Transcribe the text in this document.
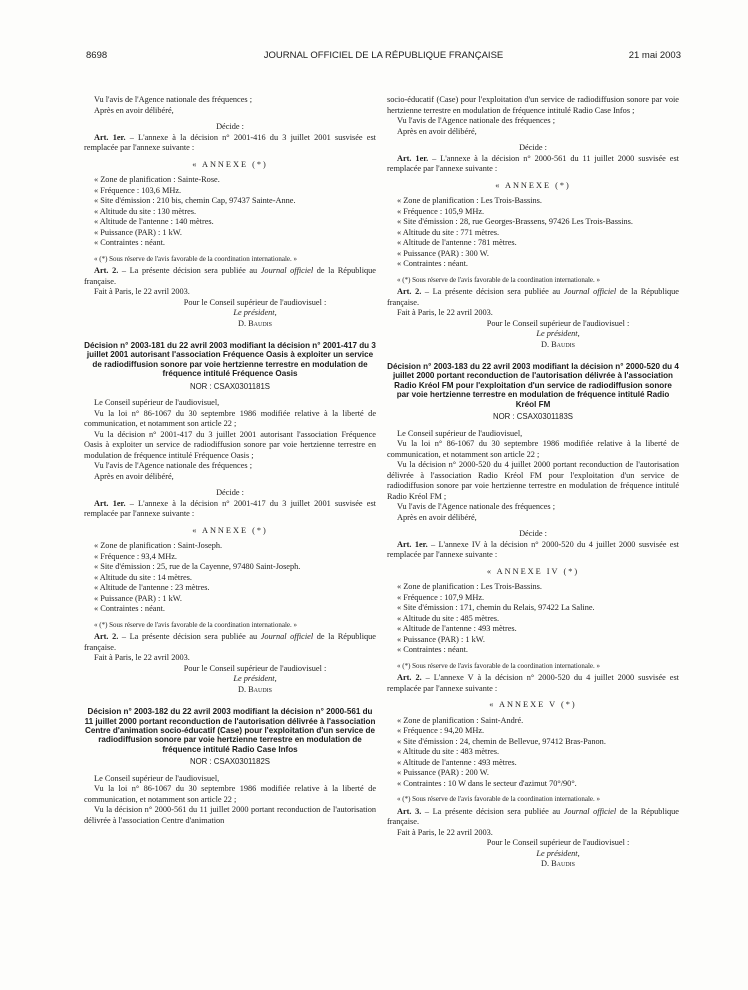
8698	JOURNAL OFFICIEL DE LA RÉPUBLIQUE FRANÇAISE	21 mai 2003

Vu l'avis de l'Agence nationale des fréquences ;

Après en avoir délibéré,

Décide :

Art. 1er. – L'annexe à la décision n° 2001-416 du 3 juillet 2001 susvisée est remplacée par l'annexe suivante :

« ANNEXE (*)

« Zone de planification : Sainte-Rose.

« Fréquence : 103,6 MHz.

« Site d'émission : 210 bis, chemin Cap, 97437 Sainte-Anne.

« Altitude du site : 130 mètres.

« Altitude de l'antenne : 140 mètres.

« Puissance (PAR) : 1 kW.

« Contraintes : néant.

« (*) Sous réserve de l'avis favorable de la coordination internationale. »

Art. 2. – La présente décision sera publiée au Journal officiel de la République française.

Fait à Paris, le 22 avril 2003.

Pour le Conseil supérieur de l'audiovisuel :

Le président,

D. Baudis

Décision n° 2003-181 du 22 avril 2003 modifiant la décision n° 2001-417 du 3 juillet 2001 autorisant l'association Fréquence Oasis à exploiter un service de radiodiffusion sonore par voie hertzienne terrestre en modulation de fréquence intitulé Fréquence Oasis

NOR : CSAX0301181S

Le Conseil supérieur de l'audiovisuel,

Vu la loi n° 86-1067 du 30 septembre 1986 modifiée relative à la liberté de communication, et notamment son article 22 ;

Vu la décision n° 2001-417 du 3 juillet 2001 autorisant l'association Fréquence Oasis à exploiter un service de radiodiffusion sonore par voie hertzienne terrestre en modulation de fréquence intitulé Fréquence Oasis ;

Vu l'avis de l'Agence nationale des fréquences ;

Après en avoir délibéré,

Décide :

Art. 1er. – L'annexe à la décision n° 2001-417 du 3 juillet 2001 susvisée est remplacée par l'annexe suivante :

« ANNEXE (*)

« Zone de planification : Saint-Joseph.

« Fréquence : 93,4 MHz.

« Site d'émission : 25, rue de la Cayenne, 97480 Saint-Joseph.

« Altitude du site : 14 mètres.

« Altitude de l'antenne : 23 mètres.

« Puissance (PAR) : 1 kW.

« Contraintes : néant.

« (*) Sous réserve de l'avis favorable de la coordination internationale. »

Art. 2. – La présente décision sera publiée au Journal officiel de la République française.

Fait à Paris, le 22 avril 2003.

Pour le Conseil supérieur de l'audiovisuel :

Le président,

D. Baudis

Décision n° 2003-182 du 22 avril 2003 modifiant la décision n° 2000-561 du 11 juillet 2000 portant reconduction de l'autorisation délivrée à l'association Centre d'animation socio-éducatif (Case) pour l'exploitation d'un service de radiodiffusion sonore par voie hertzienne terrestre en modulation de fréquence intitulé Radio Case Infos

NOR : CSAX0301182S

Le Conseil supérieur de l'audiovisuel,

Vu la loi n° 86-1067 du 30 septembre 1986 modifiée relative à la liberté de communication, et notamment son article 22 ;

Vu la décision n° 2000-561 du 11 juillet 2000 portant reconduction de l'autorisation délivrée à l'association Centre d'animation

socio-éducatif (Case) pour l'exploitation d'un service de radiodiffusion sonore par voie hertzienne terrestre en modulation de fréquence intitulé Radio Case Infos ;

Vu l'avis de l'Agence nationale des fréquences ;

Après en avoir délibéré,

Décide :

Art. 1er. – L'annexe à la décision n° 2000-561 du 11 juillet 2000 susvisée est remplacée par l'annexe suivante :

« ANNEXE (*)

« Zone de planification : Les Trois-Bassins.

« Fréquence : 105,9 MHz.

« Site d'émission : 28, rue Georges-Brassens, 97426 Les Trois-Bassins.

« Altitude du site : 771 mètres.

« Altitude de l'antenne : 781 mètres.

« Puissance (PAR) : 300 W.

« Contraintes : néant.

« (*) Sous réserve de l'avis favorable de la coordination internationale. »

Art. 2. – La présente décision sera publiée au Journal officiel de la République française.

Fait à Paris, le 22 avril 2003.

Pour le Conseil supérieur de l'audiovisuel :

Le président,

D. Baudis

Décision n° 2003-183 du 22 avril 2003 modifiant la décision n° 2000-520 du 4 juillet 2000 portant reconduction de l'autorisation délivrée à l'association Radio Kréol FM pour l'exploitation d'un service de radiodiffusion sonore par voie hertzienne terrestre en modulation de fréquence intitulé Radio Kréol FM

NOR : CSAX0301183S

Le Conseil supérieur de l'audiovisuel,

Vu la loi n° 86-1067 du 30 septembre 1986 modifiée relative à la liberté de communication, et notamment son article 22 ;

Vu la décision n° 2000-520 du 4 juillet 2000 portant reconduction de l'autorisation délivrée à l'association Radio Kréol FM pour l'exploitation d'un service de radiodiffusion sonore par voie hertzienne terrestre en modulation de fréquence intitulé Radio Kréol FM ;

Vu l'avis de l'Agence nationale des fréquences ;

Après en avoir délibéré,

Décide :

Art. 1er. – L'annexe IV à la décision n° 2000-520 du 4 juillet 2000 susvisée est remplacée par l'annexe suivante :

« ANNEXE IV (*)

« Zone de planification : Les Trois-Bassins.

« Fréquence : 107,9 MHz.

« Site d'émission : 171, chemin du Relais, 97422 La Saline.

« Altitude du site : 485 mètres.

« Altitude de l'antenne : 493 mètres.

« Puissance (PAR) : 1 kW.

« Contraintes : néant.

« (*) Sous réserve de l'avis favorable de la coordination internationale. »

Art. 2. – L'annexe V à la décision n° 2000-520 du 4 juillet 2000 susvisée est remplacée par l'annexe suivante :

« ANNEXE V (*)

« Zone de planification : Saint-André.

« Fréquence : 94,20 MHz.

« Site d'émission : 24, chemin de Bellevue, 97412 Bras-Panon.

« Altitude du site : 483 mètres.

« Altitude de l'antenne : 493 mètres.

« Puissance (PAR) : 200 W.

« Contraintes : 10 W dans le secteur d'azimut 70°/90°.

« (*) Sous réserve de l'avis favorable de la coordination internationale. »

Art. 3. – La présente décision sera publiée au Journal officiel de la République française.

Fait à Paris, le 22 avril 2003.

Pour le Conseil supérieur de l'audiovisuel :

Le président,

D. Baudis
